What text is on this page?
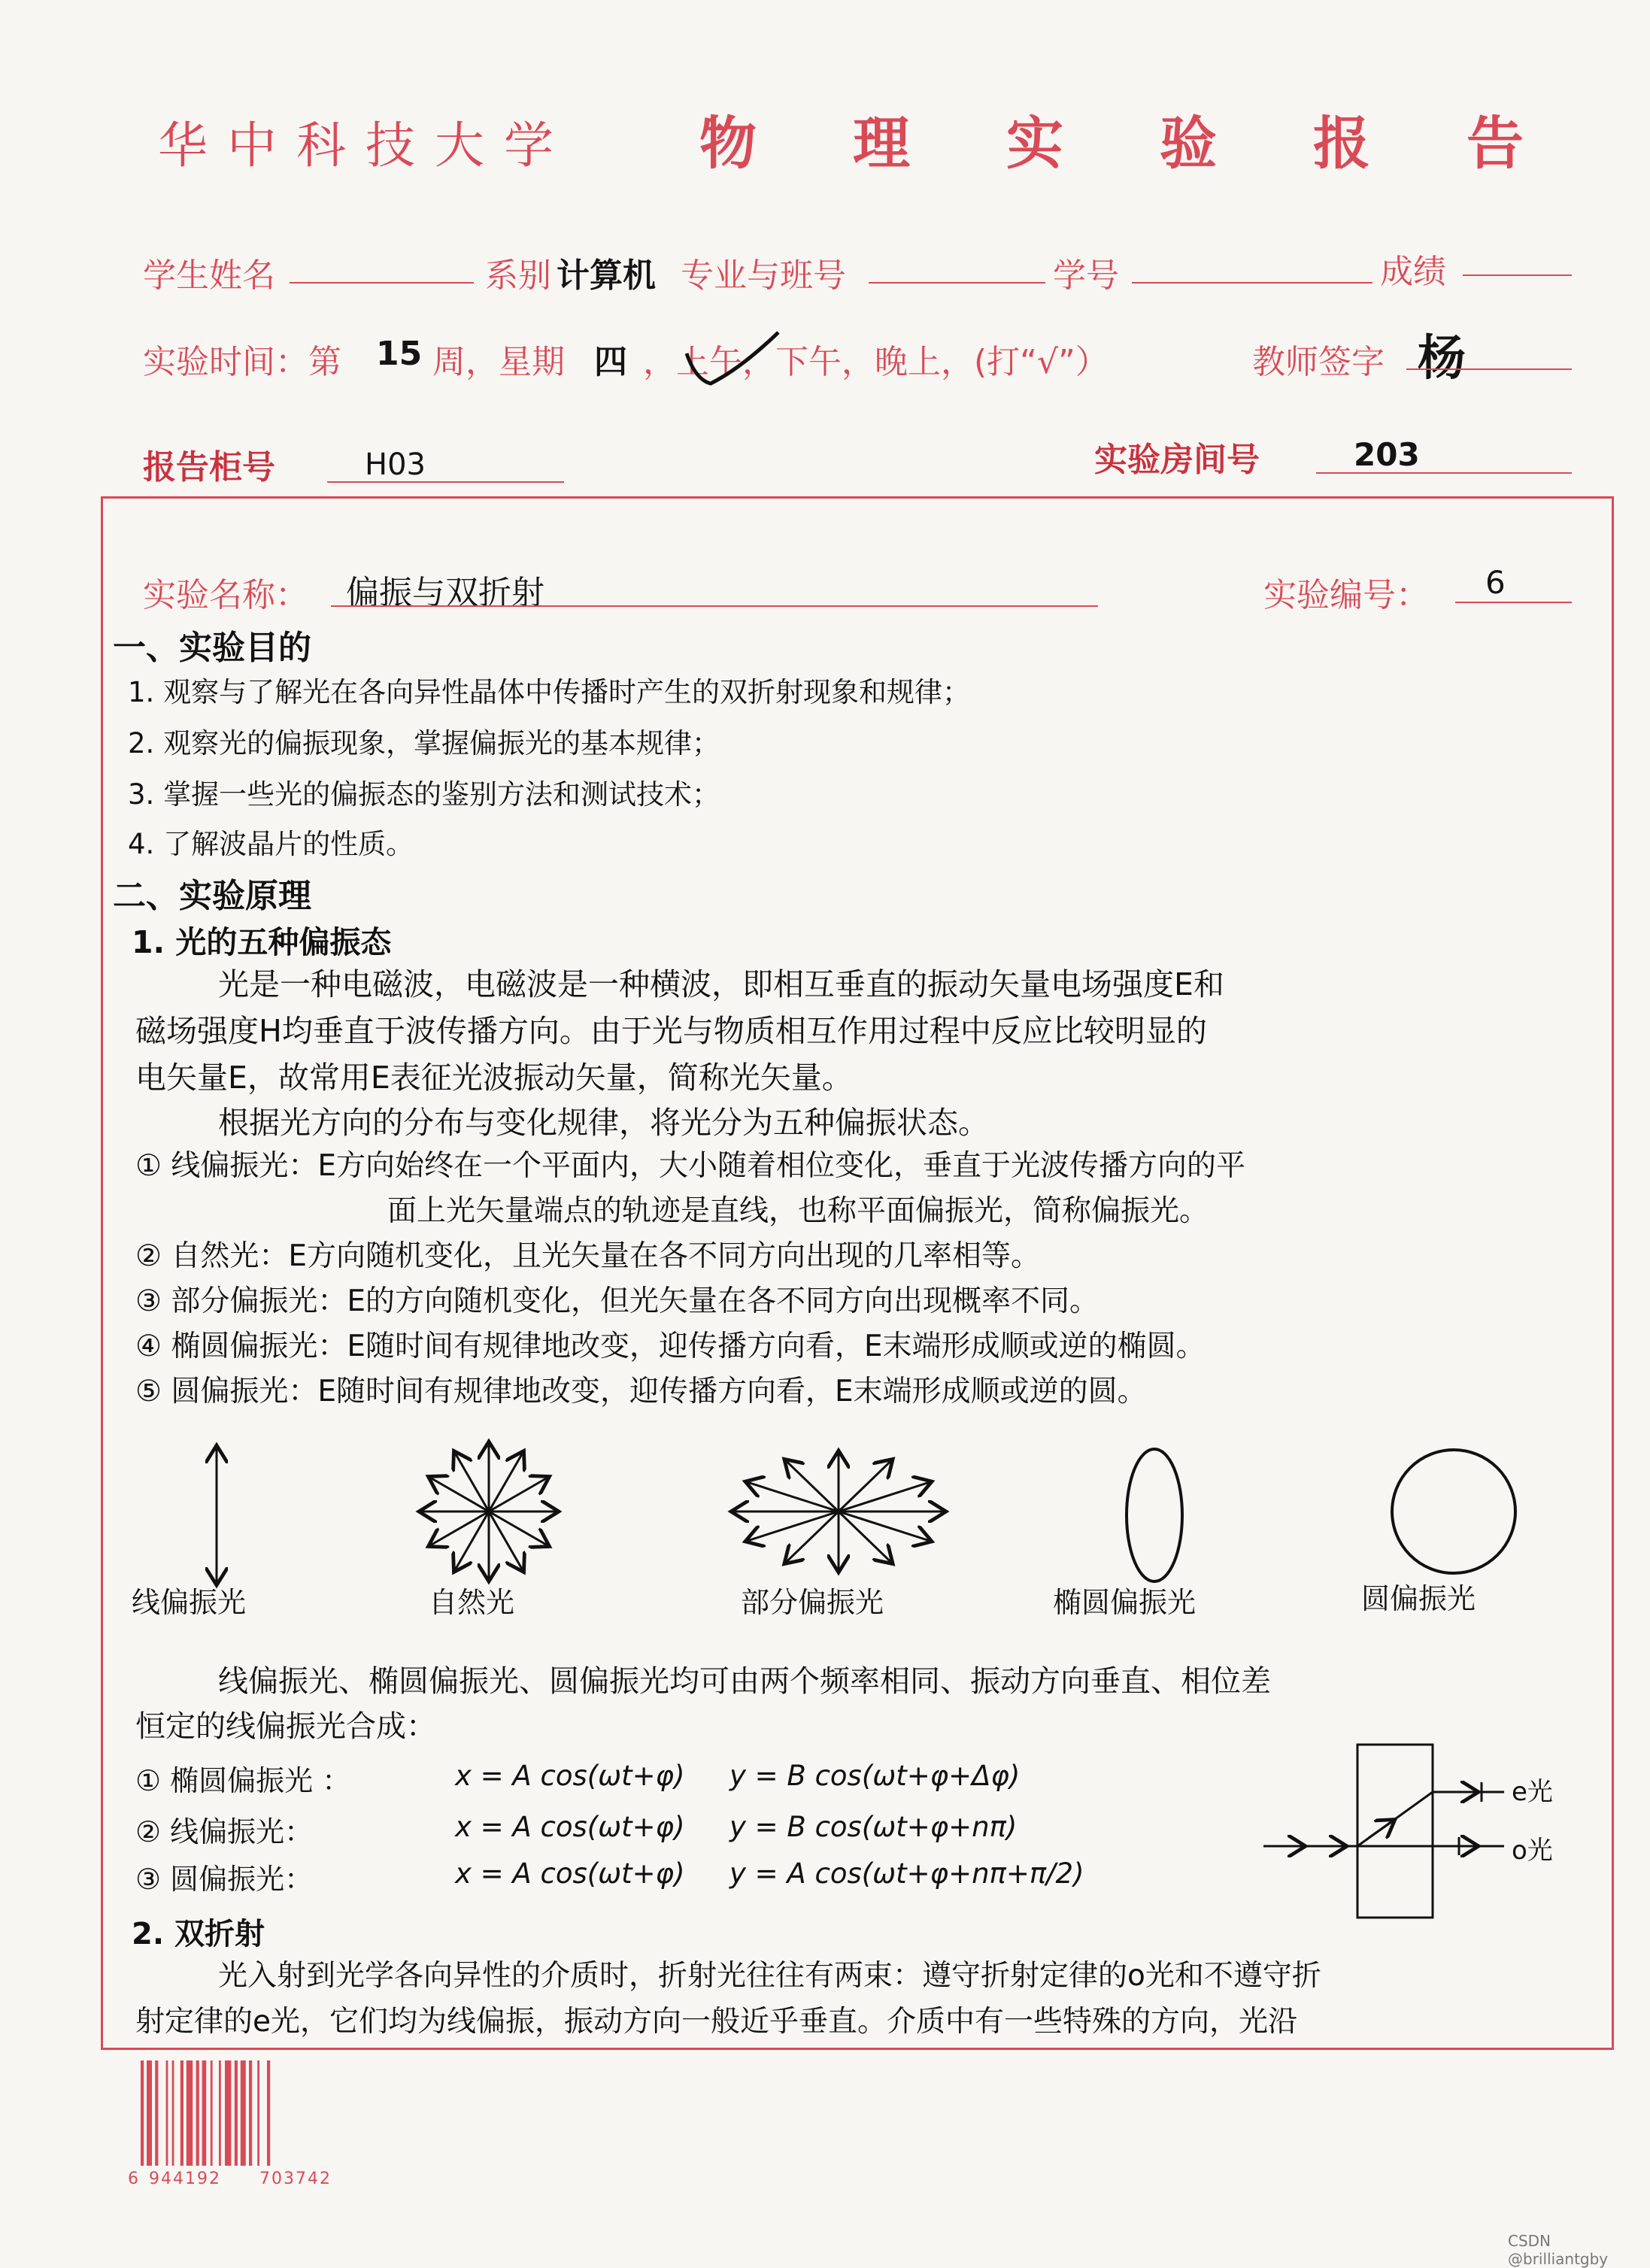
华中科技大学 物理实验报告
学生姓名	系别 计算机 专业与班号	学号	成绩
实验时间：第 15 周，星期 四 ，上午，下午，晚上，(打“√”）	教师签字 杨
报告柜号	H03	实验房间号	203
实验名称： 偏振与双折射	实验编号： 6
一、实验目的
1. 观察与了解光在各向异性晶体中传播时产生的双折射现象和规律；
2. 观察光的偏振现象，掌握偏振光的基本规律；
3. 掌握一些光的偏振态的鉴别方法和测试技术；
4. 了解波晶片的性质。
二、实验原理
1. 光的五种偏振态
光是一种电磁波，电磁波是一种横波，即相互垂直的振动矢量电场强度E和
磁场强度H均垂直于波传播方向。由于光与物质相互作用过程中反应比较明显的
电矢量E，故常用E表征光波振动矢量，简称光矢量。
根据光方向的分布与变化规律，将光分为五种偏振状态。
① 线偏振光：E方向始终在一个平面内，大小随着相位变化，垂直于光波传播方向的平
面上光矢量端点的轨迹是直线，也称平面偏振光，简称偏振光。
② 自然光：E方向随机变化，且光矢量在各不同方向出现的几率相等。
③ 部分偏振光：E的方向随机变化，但光矢量在各不同方向出现概率不同。
④ 椭圆偏振光：E随时间有规律地改变，迎传播方向看，E末端形成顺或逆的椭圆。
⑤ 圆偏振光：E随时间有规律地改变，迎传播方向看，E末端形成顺或逆的圆。
线偏振光	自然光	部分偏振光	椭圆偏振光	圆偏振光
线偏振光、椭圆偏振光、圆偏振光均可由两个频率相同、振动方向垂直、相位差
恒定的线偏振光合成：
① 椭圆偏振光 ：	x = A cos(ωt+φ) y = B cos(ωt+φ+Δφ)
② 线偏振光：	x = A cos(ωt+φ) y = B cos(ωt+φ+nπ)
③ 圆偏振光：	x = A cos(ωt+φ) y = A cos(ωt+φ+nπ+π/2)
e光
o光
2. 双折射
光入射到光学各向异性的介质时，折射光往往有两束：遵守折射定律的o光和不遵守折
射定律的e光，它们均为线偏振，振动方向一般近乎垂直。介质中有一些特殊的方向，光沿
6 944192 703742
CSDN @brilliantgby
